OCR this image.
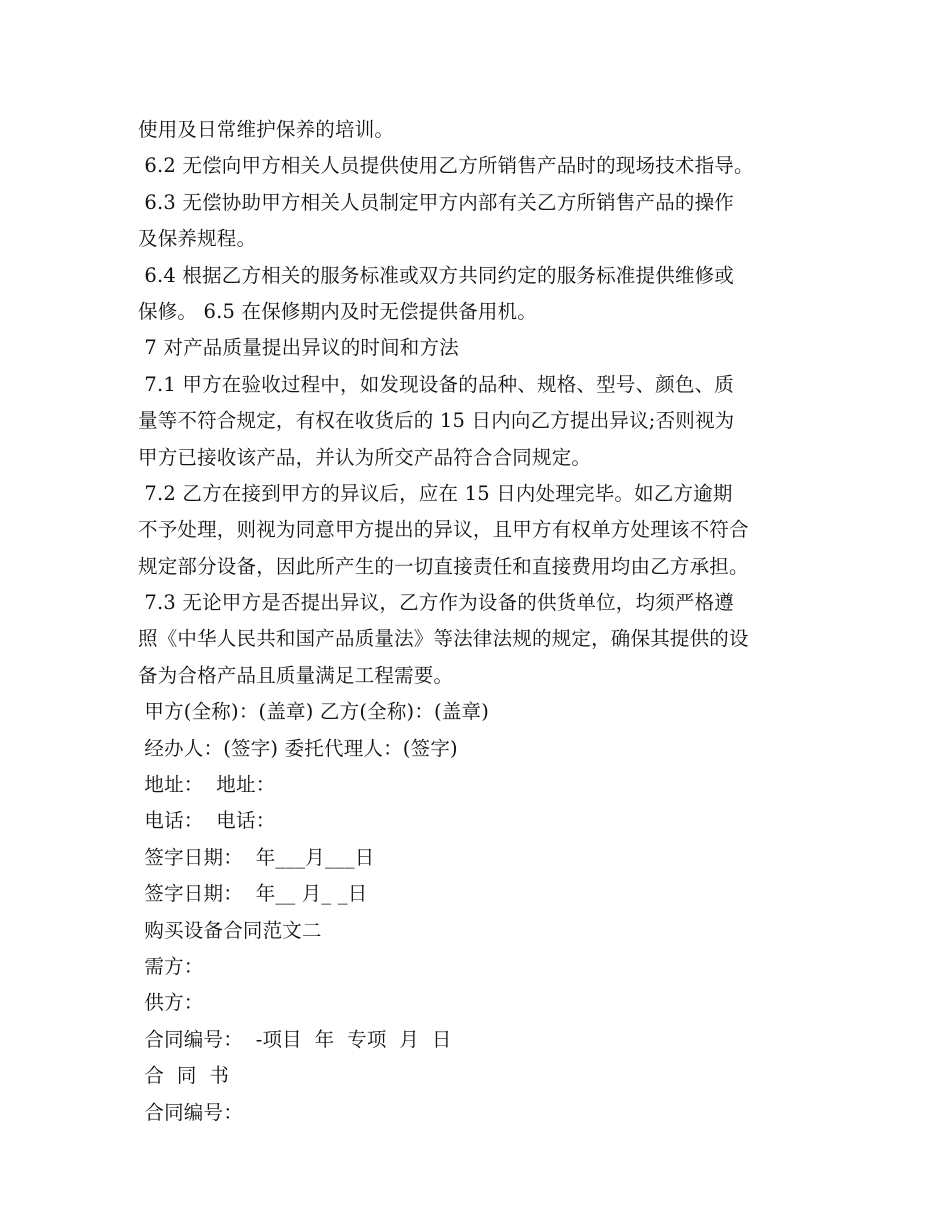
使用及日常维护保养的培训。
6.2 无偿向甲方相关人员提供使用乙方所销售产品时的现场技术指导。
6.3 无偿协助甲方相关人员制定甲方内部有关乙方所销售产品的操作
及保养规程。
6.4 根据乙方相关的服务标准或双方共同约定的服务标准提供维修或
保修。 6.5 在保修期内及时无偿提供备用机。
7 对产品质量提出异议的时间和方法
7.1 甲方在验收过程中，如发现设备的品种、规格、型号、颜色、质
量等不符合规定，有权在收货后的 15 日内向乙方提出异议;否则视为
甲方已接收该产品，并认为所交产品符合合同规定。
7.2 乙方在接到甲方的异议后，应在 15 日内处理完毕。如乙方逾期
不予处理，则视为同意甲方提出的异议，且甲方有权单方处理该不符合
规定部分设备，因此所产生的一切直接责任和直接费用均由乙方承担。
7.3 无论甲方是否提出异议，乙方作为设备的供货单位，均须严格遵
照《中华人民共和国产品质量法》等法律法规的规定，确保其提供的设
备为合格产品且质量满足工程需要。
甲方(全称)：(盖章) 乙方(全称)：(盖章)
经办人：(签字) 委托代理人：(签字)
地址：  地址：
电话：  电话：
签字日期：  年___月___日
签字日期：  年__ 月_ _日
购买设备合同范文二
需方：
供方：
合同编号：  -项目  年  专项  月  日
合  同  书
合同编号：
